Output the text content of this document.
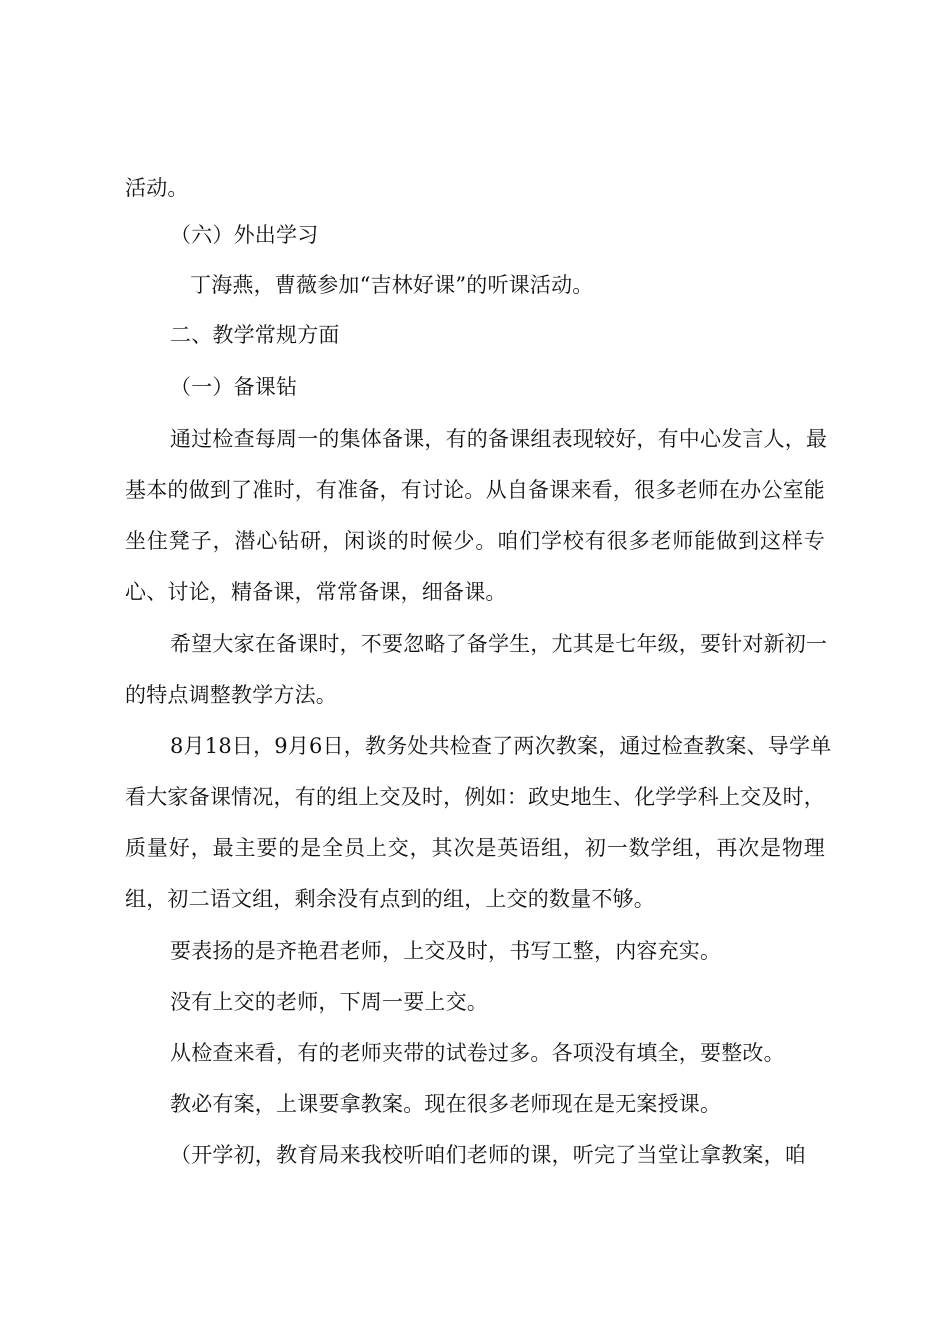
活动。
（六）外出学习
丁海燕，曹薇参加“吉林好课”的听课活动。
二、教学常规方面
（一）备课钻
通过检查每周一的集体备课，有的备课组表现较好，有中心发言人，最
基本的做到了准时，有准备，有讨论。从自备课来看，很多老师在办公室能
坐住凳子，潜心钻研，闲谈的时候少。咱们学校有很多老师能做到这样专
心、讨论，精备课，常常备课，细备课。
希望大家在备课时，不要忽略了备学生，尤其是七年级，要针对新初一
的特点调整教学方法。
8月18日，9月6日，教务处共检查了两次教案，通过检查教案、导学单
看大家备课情况，有的组上交及时，例如：政史地生、化学学科上交及时，
质量好，最主要的是全员上交，其次是英语组，初一数学组，再次是物理
组，初二语文组，剩余没有点到的组，上交的数量不够。
要表扬的是齐艳君老师，上交及时，书写工整，内容充实。
没有上交的老师，下周一要上交。
从检查来看，有的老师夹带的试卷过多。各项没有填全，要整改。
教必有案，上课要拿教案。现在很多老师现在是无案授课。
（开学初，教育局来我校听咱们老师的课，听完了当堂让拿教案，咱
